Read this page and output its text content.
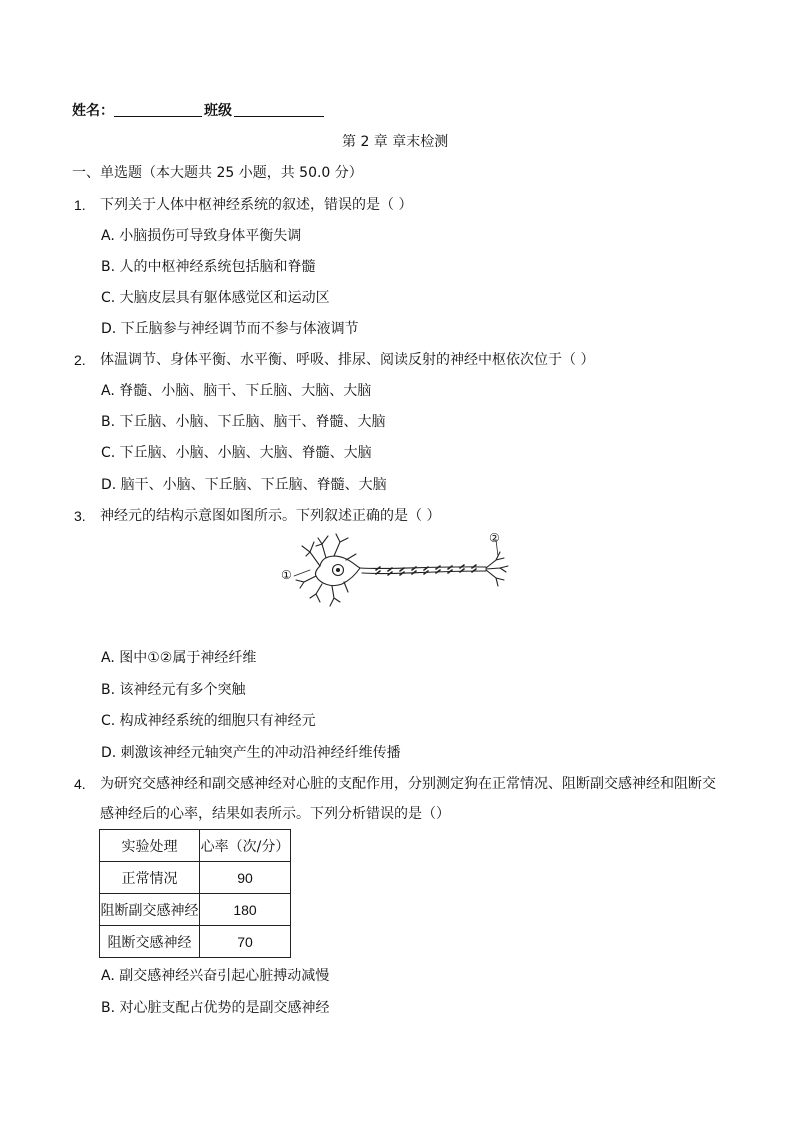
姓名：	班级
第 2 章 章末检测
一、单选题（本大题共 25 小题，共 50.0 分）
1. 下列关于人体中枢神经系统的叙述，错误的是（ ）
A. 小脑损伤可导致身体平衡失调
B. 人的中枢神经系统包括脑和脊髓
C. 大脑皮层具有躯体感觉区和运动区
D. 下丘脑参与神经调节而不参与体液调节
2. 体温调节、身体平衡、水平衡、呼吸、排尿、阅读反射的神经中枢依次位于（ ）
A. 脊髓、小脑、脑干、下丘脑、大脑、大脑
B. 下丘脑、小脑、下丘脑、脑干、脊髓、大脑
C. 下丘脑、小脑、小脑、大脑、脊髓、大脑
D. 脑干、小脑、下丘脑、下丘脑、脊髓、大脑
3. 神经元的结构示意图如图所示。下列叙述正确的是（ ）
①
②
A. 图中①②属于神经纤维
B. 该神经元有多个突触
C. 构成神经系统的细胞只有神经元
D. 刺激该神经元轴突产生的冲动沿神经纤维传播
4. 为研究交感神经和副交感神经对心脏的支配作用，分别测定狗在正常情况、阻断副交感神经和阻断交
感神经后的心率，结果如表所示。下列分析错误的是（）
实验处理	心率（次/分）
正常情况	90
阻断副交感神经	180
阻断交感神经	70
A. 副交感神经兴奋引起心脏搏动减慢
B. 对心脏支配占优势的是副交感神经
